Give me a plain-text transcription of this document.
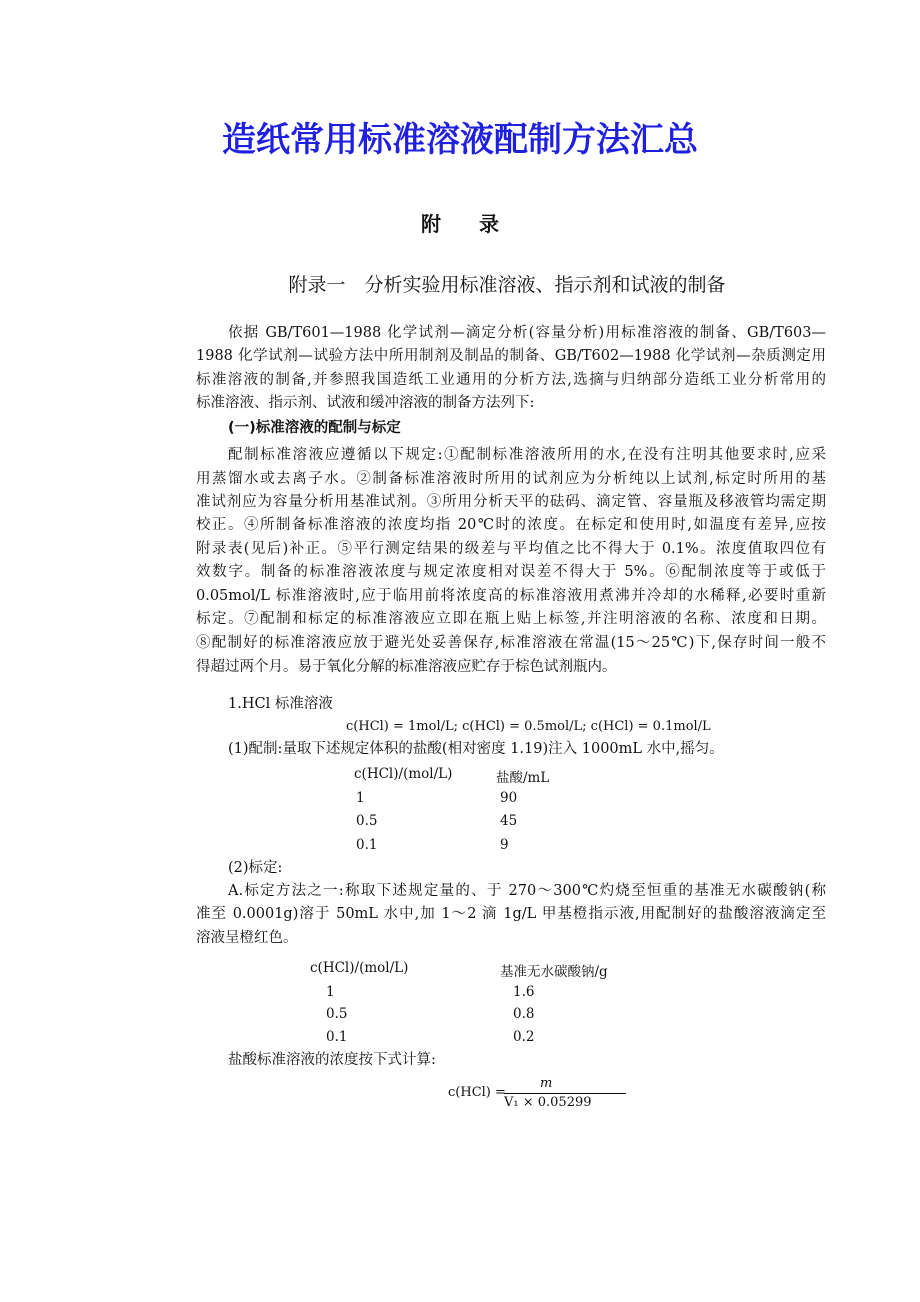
造纸常用标准溶液配制方法汇总
附录
附录一　分析实验用标准溶液、指示剂和试液的制备
依据 GB/T601—1988 化学试剂—滴定分析(容量分析)用标准溶液的制备、GB/T603—
1988 化学试剂—试验方法中所用制剂及制品的制备、GB/T602—1988 化学试剂—杂质测定用
标准溶液的制备,并参照我国造纸工业通用的分析方法,选摘与归纳部分造纸工业分析常用的
标准溶液、指示剂、试液和缓冲溶液的制备方法列下:
(一)标准溶液的配制与标定
配制标准溶液应遵循以下规定:①配制标准溶液所用的水,在没有注明其他要求时,应采
用蒸馏水或去离子水。②制备标准溶液时所用的试剂应为分析纯以上试剂,标定时所用的基
准试剂应为容量分析用基准试剂。③所用分析天平的砝码、滴定管、容量瓶及移液管均需定期
校正。④所制备标准溶液的浓度均指 20℃时的浓度。在标定和使用时,如温度有差异,应按
附录表(见后)补正。⑤平行测定结果的级差与平均值之比不得大于 0.1%。浓度值取四位有
效数字。制备的标准溶液浓度与规定浓度相对误差不得大于 5%。⑥配制浓度等于或低于
0.05mol/L 标准溶液时,应于临用前将浓度高的标准溶液用煮沸并冷却的水稀释,必要时重新
标定。⑦配制和标定的标准溶液应立即在瓶上贴上标签,并注明溶液的名称、浓度和日期。
⑧配制好的标准溶液应放于避光处妥善保存,标准溶液在常温(15～25℃)下,保存时间一般不
得超过两个月。易于氧化分解的标准溶液应贮存于棕色试剂瓶内。
1.HCl 标准溶液
c(HCl) = 1mol/L; c(HCl) = 0.5mol/L; c(HCl) = 0.1mol/L
(1)配制:量取下述规定体积的盐酸(相对密度 1.19)注入 1000mL 水中,摇匀。
c(HCl)/(mol/L)	盐酸/mL
1	90
0.5	45
0.1	9
(2)标定:
A.标定方法之一:称取下述规定量的、于 270～300℃灼烧至恒重的基准无水碳酸钠(称
准至 0.0001g)溶于 50mL 水中,加 1～2 滴 1g/L 甲基橙指示液,用配制好的盐酸溶液滴定至
溶液呈橙红色。
c(HCl)/(mol/L)	基准无水碳酸钠/g
1	1.6
0.5	0.8
0.1	0.2
盐酸标准溶液的浓度按下式计算:
c(HCl) =
m
V₁ × 0.05299
